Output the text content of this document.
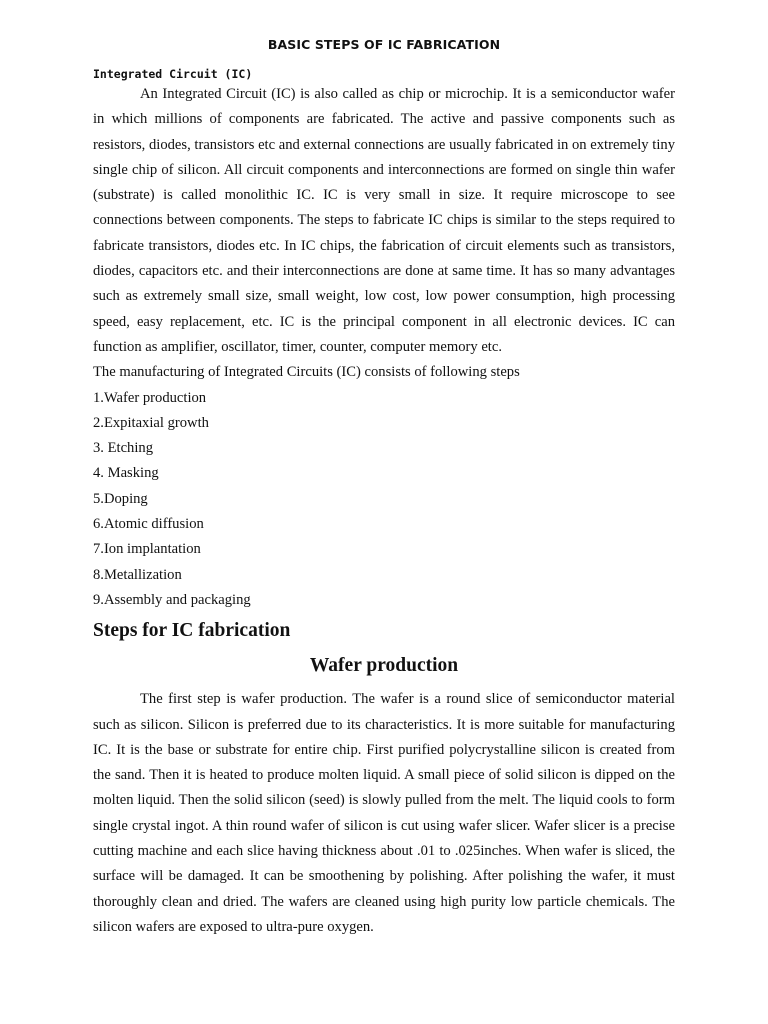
BASIC STEPS OF IC FABRICATION
Integrated Circuit (IC)

An Integrated Circuit (IC) is also called as chip or microchip. It is a semiconductor wafer in which millions of components are fabricated. The active and passive components such as resistors, diodes, transistors etc and external connections are usually fabricated in on extremely tiny single chip of silicon. All circuit components and interconnections are formed on single thin wafer (substrate) is called monolithic IC. IC is very small in size. It require microscope to see connections between components. The steps to fabricate IC chips is similar to the steps required to fabricate transistors, diodes etc. In IC chips, the fabrication of circuit elements such as transistors, diodes, capacitors etc. and their interconnections are done at same time. It has so many advantages such as extremely small size, small weight, low cost, low power consumption, high processing speed, easy replacement, etc. IC is the principal component in all electronic devices. IC can function as amplifier, oscillator, timer, counter, computer memory etc.

The manufacturing of Integrated Circuits (IC) consists of following steps

1.Wafer production
2.Expitaxial growth
3. Etching
4. Masking
5.Doping
6.Atomic diffusion
7.Ion implantation
8.Metallization
9.Assembly and packaging
Steps for IC fabrication
Wafer production

The first step is wafer production. The wafer is a round slice of semiconductor material such as silicon. Silicon is preferred due to its characteristics. It is more suitable for manufacturing IC. It is the base or substrate for entire chip. First purified polycrystalline silicon is created from the sand. Then it is heated to produce molten liquid. A small piece of solid silicon is dipped on the molten liquid. Then the solid silicon (seed) is slowly pulled from the melt. The liquid cools to form single crystal ingot. A thin round wafer of silicon is cut using wafer slicer. Wafer slicer is a precise cutting machine and each slice having thickness about .01 to .025inches. When wafer is sliced, the surface will be damaged. It can be smoothening by polishing. After polishing the wafer, it must thoroughly clean and dried. The wafers are cleaned using high purity low particle chemicals. The silicon wafers are exposed to ultra-pure oxygen.
